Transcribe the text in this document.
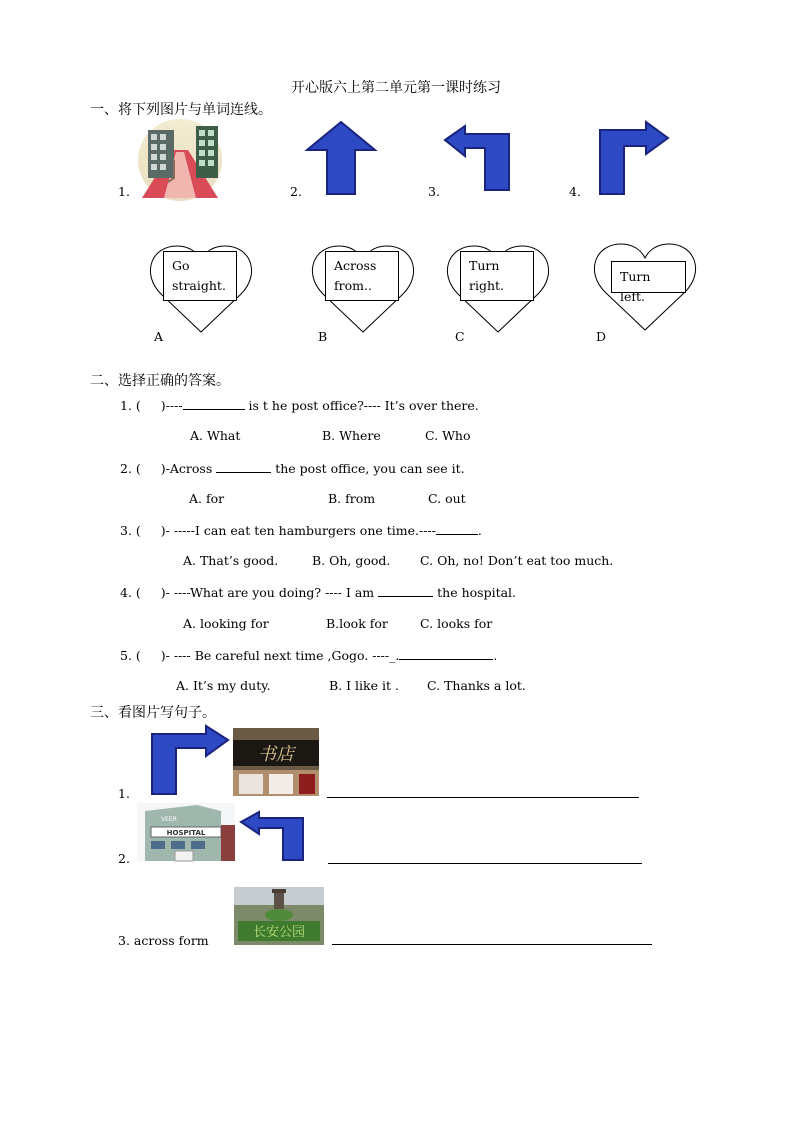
开心版六上第二单元第一课时练习
一、将下列图片与单词连线。
1.	2.	3.	4.
Go
straight.
A
Across
from..
B
Turn
right.
C
Turn left.
D
二、选择正确的答案。
1. ( )----	is t he post office?---- It’s over there.
A. What	B. Where	C. Who
2. ( )-Across	the post office, you can see it.
A. for	B. from	C. out
3. ( )- -----I can eat ten hamburgers one time.----	.
A. That’s good.	B. Oh, good. C. Oh, no! Don’t eat too much.
4. ( )- ----What are you doing? ---- I am	the hospital.
A. looking for	B.look for	C. looks for
5. ( )- ---- Be careful next time ,Gogo. ----_.	.
A. It’s my duty.	B. I like it . C. Thanks a lot.
三、看图片写句子。
1.
书店
2.
HOSPITAL
VEER
3. across form
长安公园
